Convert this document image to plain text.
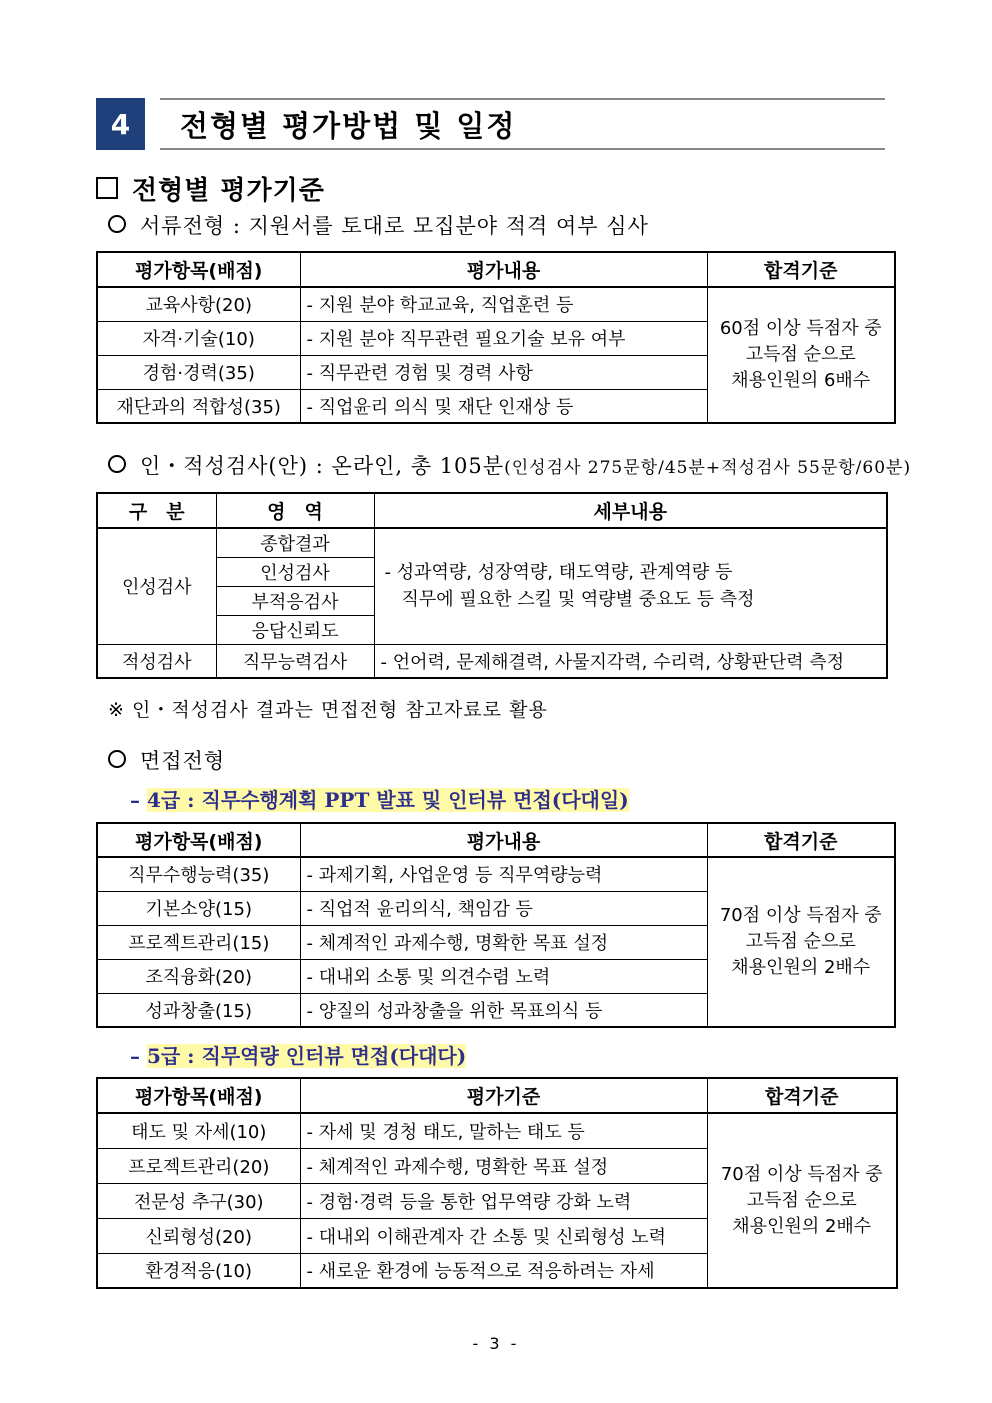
4	전형별 평가방법 및 일정
전형별 평가기준
서류전형 : 지원서를 토대로 모집분야 적격 여부 심사
평가항목(배점)	평가내용	합격기준
교육사항(20)	- 지원 분야 학교교육, 직업훈련 등	60점 이상 득점자 중
고득점 순으로
채용인원의 6배수

자격·기술(10)	- 지원 분야 직무관련 필요기술 보유 여부	
경험·경력(35)	- 직무관련 경험 및 경력 사항	
재단과의 적합성(35)	- 직업윤리 의식 및 재단 인재상 등	
인・적성검사(안) : 온라인, 총 105분(인성검사 275문항/45분+적성검사 55문항/60분)
구　분	영　역	세부내용
인성검사	종합결과	- 성과역량, 성장역량, 태도역량, 관계역량 등
직무에 필요한 스킬 및 역량별 중요도 등 측정

	인성검사	
	부적응검사	
	응답신뢰도	
적성검사	직무능력검사	- 언어력, 문제해결력, 사물지각력, 수리력, 상황판단력 측정
※ 인・적성검사 결과는 면접전형 참고자료로 활용
면접전형
– 4급 : 직무수행계획 PPT 발표 및 인터뷰 면접(다대일)
평가항목(배점)	평가내용	합격기준
직무수행능력(35)	- 과제기획, 사업운영 등 직무역량능력	70점 이상 득점자 중
고득점 순으로
채용인원의 2배수

기본소양(15)	- 직업적 윤리의식, 책임감 등	
프로젝트관리(15)	- 체계적인 과제수행, 명확한 목표 설정	
조직융화(20)	- 대내외 소통 및 의견수렴 노력	
성과창출(15)	- 양질의 성과창출을 위한 목표의식 등	
– 5급 : 직무역량 인터뷰 면접(다대다)
평가항목(배점)	평가기준	합격기준
태도 및 자세(10)	- 자세 및 경청 태도, 말하는 태도 등	70점 이상 득점자 중
고득점 순으로
채용인원의 2배수

프로젝트관리(20)	- 체계적인 과제수행, 명확한 목표 설정	
전문성 추구(30)	- 경험·경력 등을 통한 업무역량 강화 노력	
신뢰형성(20)	- 대내외 이해관계자 간 소통 및 신뢰형성 노력	
환경적응(10)	- 새로운 환경에 능동적으로 적응하려는 자세	
- 3 -
